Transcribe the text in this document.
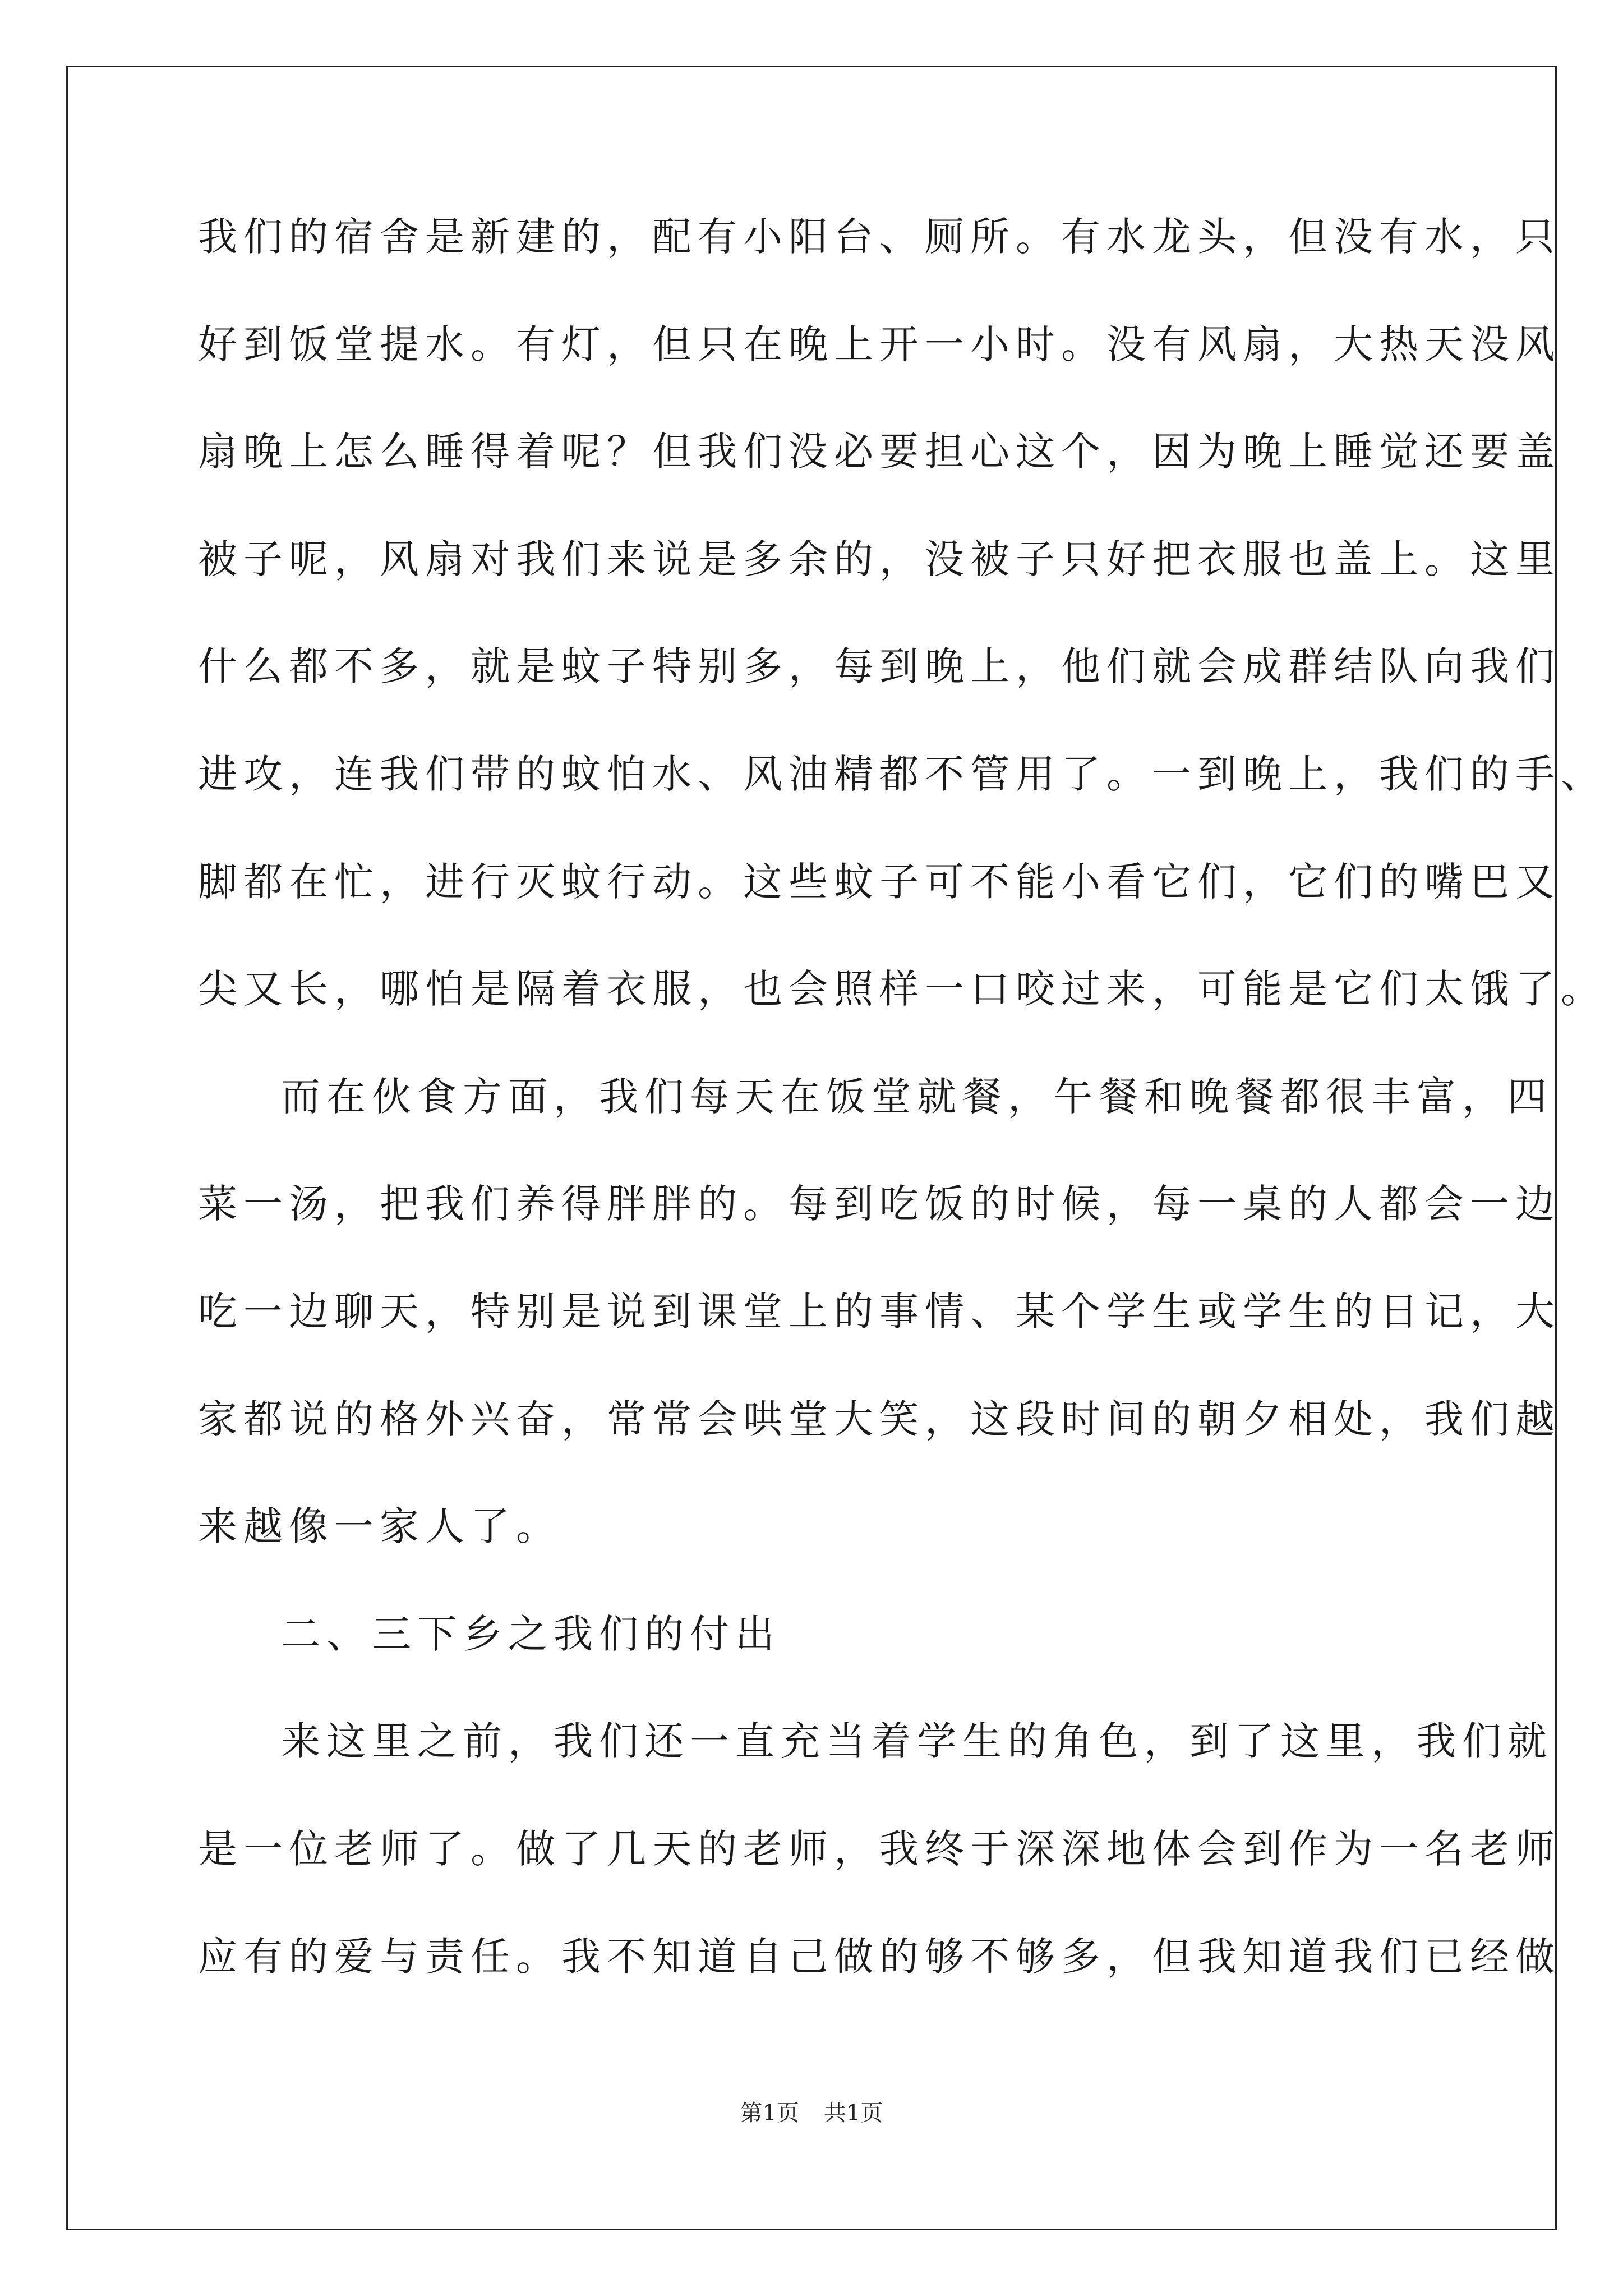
我们的宿舍是新建的，配有小阳台、厕所。有水龙头，但没有水，只
好到饭堂提水。有灯，但只在晚上开一小时。没有风扇，大热天没风
扇晚上怎么睡得着呢？但我们没必要担心这个，因为晚上睡觉还要盖
被子呢，风扇对我们来说是多余的，没被子只好把衣服也盖上。这里
什么都不多，就是蚊子特别多，每到晚上，他们就会成群结队向我们
进攻，连我们带的蚊怕水、风油精都不管用了。一到晚上，我们的手、
脚都在忙，进行灭蚊行动。这些蚊子可不能小看它们，它们的嘴巴又
尖又长，哪怕是隔着衣服，也会照样一口咬过来，可能是它们太饿了。
而在伙食方面，我们每天在饭堂就餐，午餐和晚餐都很丰富，四
菜一汤，把我们养得胖胖的。每到吃饭的时候，每一桌的人都会一边
吃一边聊天，特别是说到课堂上的事情、某个学生或学生的日记，大
家都说的格外兴奋，常常会哄堂大笑，这段时间的朝夕相处，我们越
来越像一家人了。
二、三下乡之我们的付出
来这里之前，我们还一直充当着学生的角色，到了这里，我们就
是一位老师了。做了几天的老师，我终于深深地体会到作为一名老师
应有的爱与责任。我不知道自己做的够不够多，但我知道我们已经做
第1页 共1页
